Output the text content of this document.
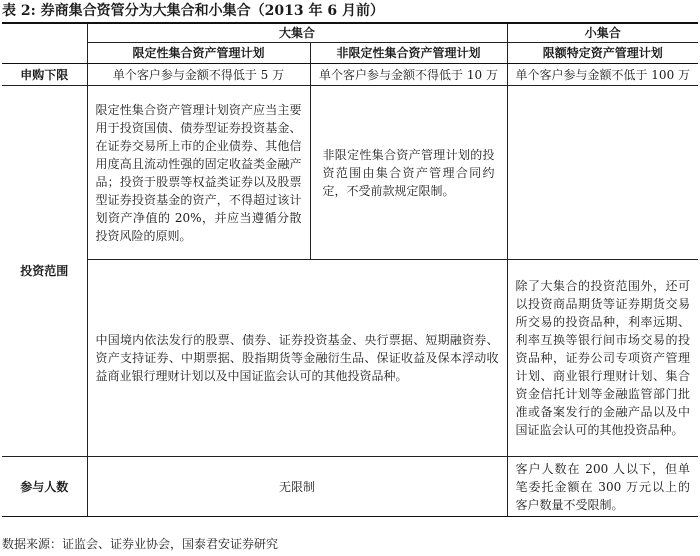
表 2: 券商集合资管分为大集合和小集合（2013 年 6 月前）
	大集合		小集合
	限定性集合资产管理计划	非限定性集合资产管理计划	限额特定资产管理计划
申购下限	单个客户参与金额不得低于 5 万	单个客户参与金额不得低于 10 万	单个客户参与金额不低于 100 万
投资范围	限定性集合资产管理计划资产应当主要用于投资国债、债券型证券投资基金、在证券交易所上市的企业债券、其他信用度高且流动性强的固定收益类金融产品；投资于股票等权益类证券以及股票型证券投资基金的资产，不得超过该计划资产净值的 20%，并应当遵循分散投资风险的原则。	非限定性集合资产管理计划的投资范围由集合资产管理合同约定，不受前款规定限制。	
	中国境内依法发行的股票、债券、证券投资基金、央行票据、短期融资券、资产支持证券、中期票据、股指期货等金融衍生品、保证收益及保本浮动收益商业银行理财计划以及中国证监会认可的其他投资品种。		除了大集合的投资范围外，还可以投资商品期货等证券期货交易所交易的投资品种，利率远期、利率互换等银行间市场交易的投资品种，证券公司专项资产管理计划、商业银行理财计划、集合资金信托计划等金融监管部门批准或备案发行的金融产品以及中国证监会认可的其他投资品种。
参与人数	无限制		客户人数在 200 人以下，但单笔委托金额在 300 万元以上的客户数量不受限制。
数据来源：证监会、证券业协会，国泰君安证券研究
